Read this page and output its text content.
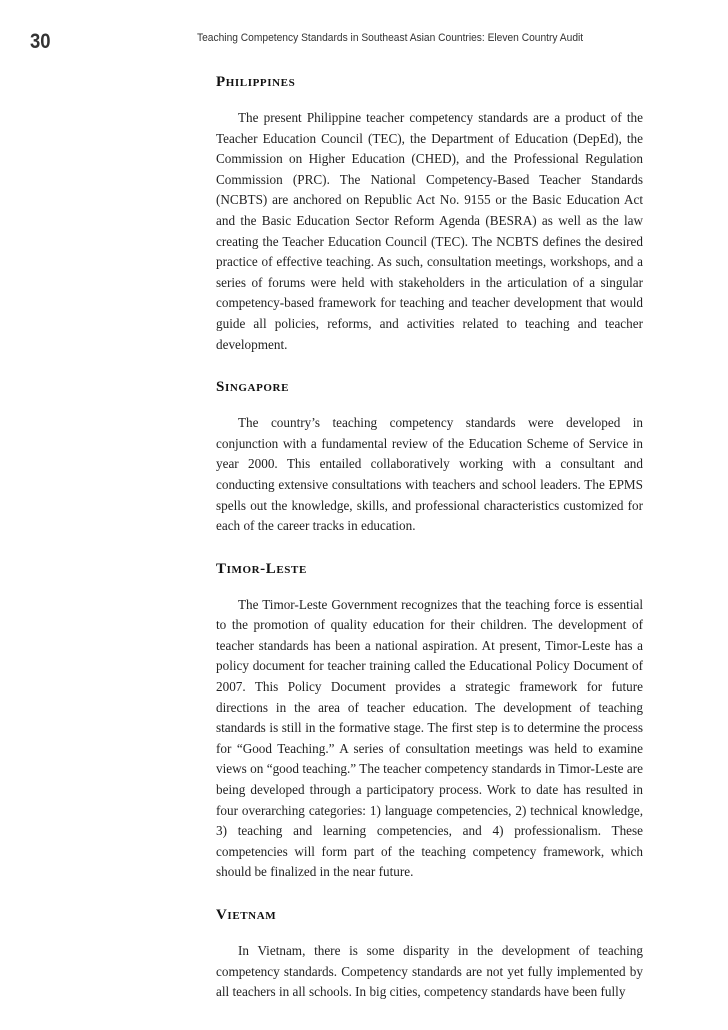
30	Teaching Competency Standards in Southeast Asian Countries: Eleven Country Audit
Philippines

The present Philippine teacher competency standards are a product of the Teacher Education Council (TEC), the Department of Education (DepEd), the Commission on Higher Education (CHED), and the Professional Regulation Commission (PRC). The National Competency-Based Teacher Standards (NCBTS) are anchored on Republic Act No. 9155 or the Basic Education Act and the Basic Education Sector Reform Agenda (BESRA) as well as the law creating the Teacher Education Council (TEC). The NCBTS defines the desired practice of effective teaching. As such, consultation meetings, workshops, and a series of forums were held with stakeholders in the articulation of a singular competency-based framework for teaching and teacher development that would guide all policies, reforms, and activities related to teaching and teacher development.

Singapore

The country’s teaching competency standards were developed in conjunction with a fundamental review of the Education Scheme of Service in year 2000. This entailed collaboratively working with a consultant and conducting extensive consultations with teachers and school leaders. The EPMS spells out the knowledge, skills, and professional characteristics customized for each of the career tracks in education.

Timor-Leste

The Timor-Leste Government recognizes that the teaching force is essential to the promotion of quality education for their children. The development of teacher standards has been a national aspiration. At present, Timor-Leste has a policy document for teacher training called the Educational Policy Document of 2007. This Policy Document provides a strategic framework for future directions in the area of teacher education. The development of teaching standards is still in the formative stage. The first step is to determine the process for “Good Teaching.” A series of consultation meetings was held to examine views on “good teaching.” The teacher competency standards in Timor-Leste are being developed through a participatory process. Work to date has resulted in four overarching categories: 1) language competencies, 2) technical knowledge, 3) teaching and learning competencies, and 4) professionalism. These competencies will form part of the teaching competency framework, which should be finalized in the near future.

Vietnam

In Vietnam, there is some disparity in the development of teaching competency standards. Competency standards are not yet fully implemented by all teachers in all schools. In big cities, competency standards have been fully
